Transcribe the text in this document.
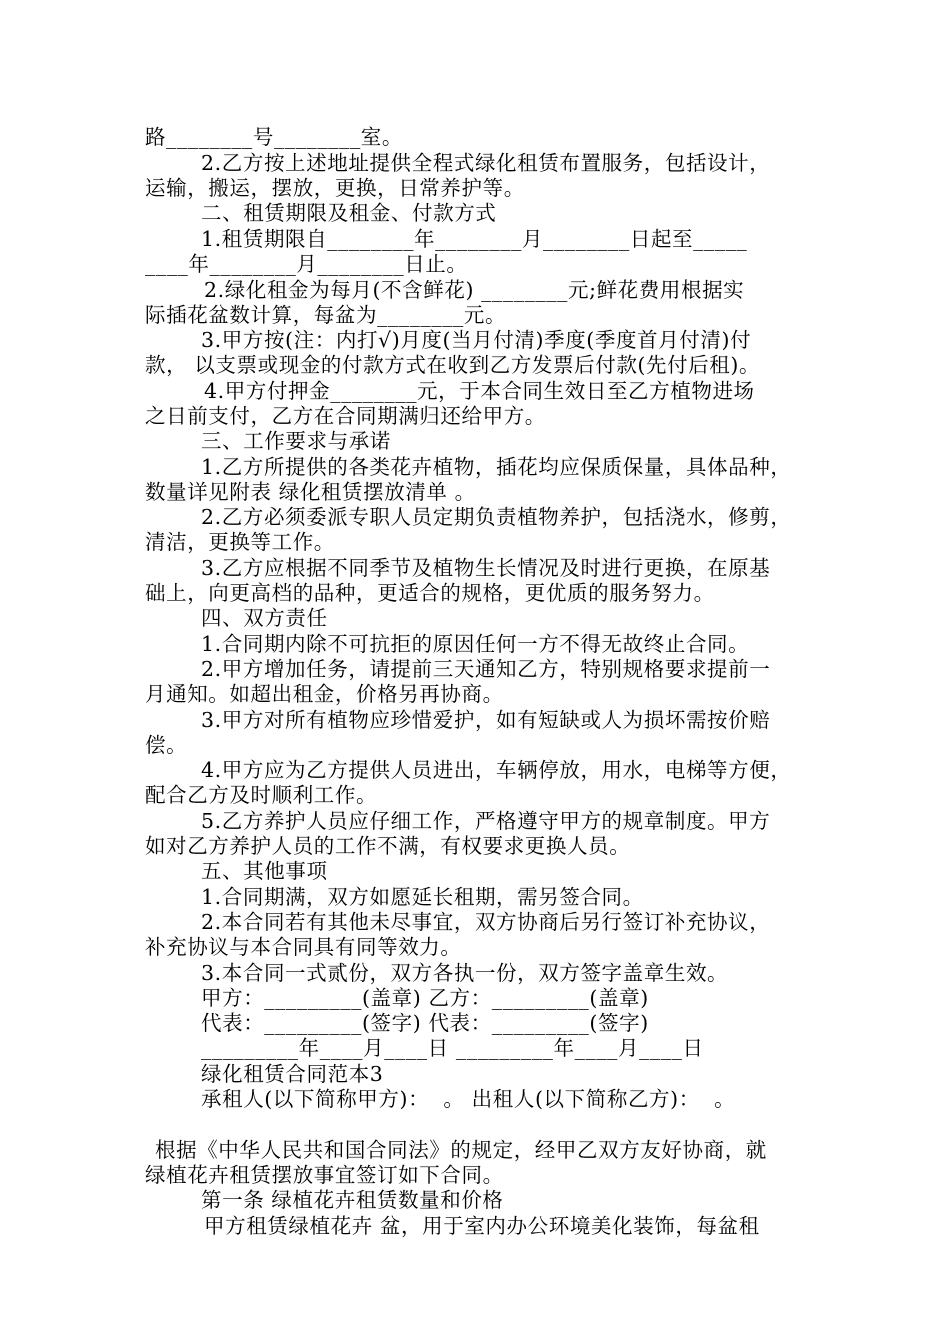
路________号________室。
2.乙方按上述地址提供全程式绿化租赁布置服务，包括设计，
运输，搬运，摆放，更换，日常养护等。
二、租赁期限及租金、付款方式
1.租赁期限自________年________月________日起至_____
____年________月________日止。
2.绿化租金为每月(不含鲜花) ________元;鲜花费用根据实
际插花盆数计算，每盆为________元。
3.甲方按(注：内打√)月度(当月付清)季度(季度首月付清)付
款， 以支票或现金的付款方式在收到乙方发票后付款(先付后租)。
4.甲方付押金________元，于本合同生效日至乙方植物进场
之日前支付，乙方在合同期满归还给甲方。
三、工作要求与承诺
1.乙方所提供的各类花卉植物，插花均应保质保量，具体品种，
数量详见附表 绿化租赁摆放清单 。
2.乙方必须委派专职人员定期负责植物养护，包括浇水，修剪，
清洁，更换等工作。
3.乙方应根据不同季节及植物生长情况及时进行更换，在原基
础上，向更高档的品种，更适合的规格，更优质的服务努力。
四、双方责任
1.合同期内除不可抗拒的原因任何一方不得无故终止合同。
2.甲方增加任务，请提前三天通知乙方，特别规格要求提前一
月通知。如超出租金，价格另再协商。
3.甲方对所有植物应珍惜爱护，如有短缺或人为损坏需按价赔
偿。
4.甲方应为乙方提供人员进出，车辆停放，用水，电梯等方便，
配合乙方及时顺利工作。
5.乙方养护人员应仔细工作，严格遵守甲方的规章制度。甲方
如对乙方养护人员的工作不满，有权要求更换人员。
五、其他事项
1.合同期满，双方如愿延长租期，需另签合同。
2.本合同若有其他未尽事宜，双方协商后另行签订补充协议，
补充协议与本合同具有同等效力。
3.本合同一式贰份，双方各执一份，双方签字盖章生效。
甲方：_________(盖章) 乙方：_________(盖章)
代表：_________(签字) 代表：_________(签字)
_________年____月____日 _________年____月____日
绿化租赁合同范本3
承租人(以下简称甲方)：  。 出租人(以下简称乙方)：  。
根据《中华人民共和国合同法》的规定，经甲乙双方友好协商，就
绿植花卉租赁摆放事宜签订如下合同。
第一条 绿植花卉租赁数量和价格
甲方租赁绿植花卉 盆，用于室内办公环境美化装饰，每盆租
